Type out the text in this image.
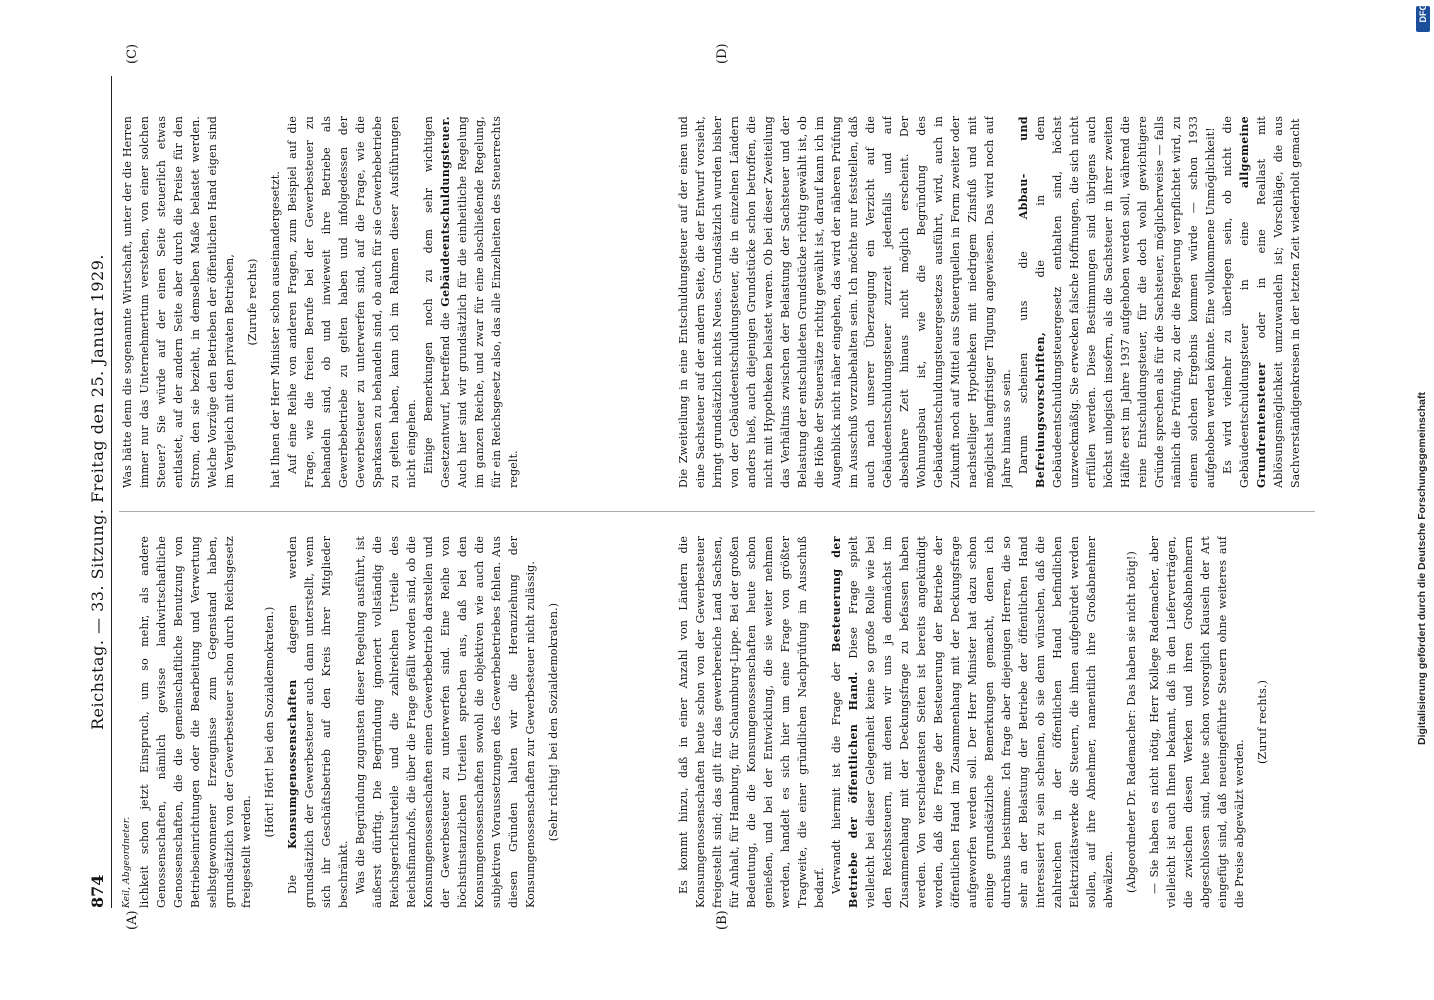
874
Reichstag. — 33. Sitzung. Freitag den 25. Januar 1929.
(A)	(B)
(C)	(D)

Keil, Abgeordneter. lichkeit schon jetzt Einspruch, um so mehr, als andere Genossenschaften, nämlich gewisse landwirtschaftliche Genossenschaften, die die gemeinschaftliche Benutzung von Betriebseinrichtungen oder die Bearbeitung und Verwertung selbstgewonnener Erzeugnisse zum Gegenstand haben, grundsätzlich von der Gewerbesteuer schon durch Reichsgesetz freigestellt werden.

(Hört! Hört! bei den Sozialdemokraten.)

Die Konsumgenossenschaften dagegen werden grundsätzlich der Gewerbesteuer auch dann unterstellt, wenn sich ihr Geschäftsbetrieb auf den Kreis ihrer Mitglieder beschränkt. Was die Begründung zugunsten dieser Regelung ausführt, ist äußerst dürftig. Die Begründung ignoriert vollständig die Reichsgerichtsurteile und die zahlreichen Urteile des Reichsfinanzhofs, die über die Frage gefällt worden sind, ob die Konsumgenossenschaften einen Gewerbebetrieb darstellen und der Gewerbesteuer zu unterwerfen sind. Eine Reihe von höchstinstanzlichen Urteilen sprechen aus, daß bei den Konsumgenossenschaften sowohl die objektiven wie auch die subjektiven Voraussetzungen des Gewerbebetriebes fehlen. Aus diesen Gründen halten wir die Heranziehung der Konsumgenossenschaften zur Gewerbesteuer nicht zulässig. (Sehr richtig! bei den Sozialdemokraten.)	Es kommt hinzu, daß in einer Anzahl von Ländern die Konsumgenossenschaften heute schon von der Gewerbesteuer freigestellt sind; das gilt für das gewerbereiche Land Sachsen, für Anhalt, für Hamburg, für Schaumburg-Lippe. Bei der großen Bedeutung, die die Konsumgenossenschaften heute schon genießen, und bei der Entwicklung, die sie weiter nehmen werden, handelt es sich hier um eine Frage von größter Tragweite, die einer gründlichen Nachprüfung im Ausschuß bedarf. Verwandt hiermit ist die Frage der Besteuerung der Betriebe der öffentlichen Hand. Diese Frage spielt vielleicht bei dieser Gelegenheit keine so große Rolle wie bei den Reichssteuern, mit denen wir uns ja demnächst im Zusammenhang mit der Deckungsfrage zu befassen haben werden. Von verschiedensten Seiten ist bereits angekündigt worden, daß die Frage der Besteuerung der Betriebe der öffentlichen Hand im Zusammenhang mit der Deckungsfrage aufgeworfen werden soll. Der Herr Minister hat dazu schon einige grundsätzliche Bemerkungen gemacht, denen ich durchaus beistimme. Ich frage aber diejenigen Herren, die so sehr an der Belastung der Betriebe der öffentlichen Hand interessiert zu sein scheinen, ob sie denn wünschen, daß die zahlreichen in der öffentlichen Hand befindlichen Elektrizitätswerke die Steuern, die ihnen aufgebürdet werden sollen, auf ihre Abnehmer, namentlich ihre Großabnehmer abwälzen. (Abgeordneter Dr. Rademacher: Das haben sie nicht nötig!) — Sie haben es nicht nötig, Herr Kollege Rademacher, aber vielleicht ist auch Ihnen bekannt, daß in den Lieferverträgen, die zwischen diesen Werken und ihren Großabnehmern abgeschlossen sind, heute schon vorsorglich Klauseln der Art eingefügt sind, daß neueingeführte Steuern ohne weiteres auf die Preise abgewälzt werden.

(Zuruf rechts.)

Was hätte denn die sogenannte Wirtschaft, unter der die Herren immer nur das Unternehmertum verstehen, von einer solchen Steuer? Sie würde auf der einen Seite steuerlich etwas entlastet, auf der andern Seite aber durch die Preise für den Strom, den sie bezieht, in demselben Maße belastet werden. Welche Vorzüge den Betrieben der öffentlichen Hand eigen sind im Vergleich mit den privaten Betrieben, (Zurufe rechts) hat Ihnen der Herr Minister schon auseinandergesetzt. Auf eine Reihe von anderen Fragen, zum Beispiel auf die Frage, wie die freien Berufe bei der Gewerbesteuer zu behandeln sind, ob und inwieweit ihre Betriebe als Gewerbebetriebe zu gelten haben und infolgedessen der Gewerbesteuer zu unterwerfen sind, auf die Frage, wie die Sparkassen zu behandeln sind, ob auch für sie Gewerbebetriebe zu gelten haben, kann ich im Rahmen dieser Ausführungen nicht eingehen. Einige Bemerkungen noch zu dem sehr wichtigen Gesetzentwurf, betreffend die Gebäudeentschuldungsteuer. Auch hier sind wir grundsätzlich für die einheitliche Regelung im ganzen Reiche, und zwar für eine abschließende Regelung, für ein Reichsgesetz also, das alle Einzelheiten des Steuerrechts regelt.	Die Zweiteilung in eine Entschuldungsteuer auf der einen und eine Sachsteuer auf der andern Seite, die der Entwurf vorsieht, bringt grundsätzlich nichts Neues. Grundsätzlich wurden bisher von der Gebäudeentschuldungsteuer, die in einzelnen Ländern anders hieß, auch diejenigen Grundstücke schon betroffen, die nicht mit Hypotheken belastet waren. Ob bei dieser Zweiteilung das Verhältnis zwischen der Belastung der Sachsteuer und der Belastung der entschuldeten Grundstücke richtig gewählt ist, ob die Höhe der Steuersätze richtig gewählt ist, darauf kann ich im Augenblick nicht näher eingehen, das wird der näheren Prüfung im Ausschuß vorzubehalten sein. Ich möchte nur feststellen, daß auch nach unserer Überzeugung ein Verzicht auf die Gebäudeentschuldungsteuer zurzeit jedenfalls und auf absehbare Zeit hinaus nicht möglich erscheint. Der Wohnungsbau ist, wie die Begründung des Gebäudeentschuldungsteuergesetzes ausführt, wird, auch in Zukunft noch auf Mittel aus Steuerquellen in Form zweiter oder nachstelliger Hypotheken mit niedrigem Zinsfuß und mit möglichst langfristiger Tilgung angewiesen. Das wird noch auf Jahre hinaus so sein. Darum scheinen uns die Abbau- und Befreiungsvorschriften, die in dem Gebäudeentschuldungsteuergesetz enthalten sind, höchst unzweckmäßig. Sie erwecken falsche Hoffnungen, die sich nicht erfüllen werden. Diese Bestimmungen sind übrigens auch höchst unlogisch insofern, als die Sachsteuer in ihrer zweiten Hälfte erst im Jahre 1937 aufgehoben werden soll, während die reine Entschuldungsteuer, für die doch wohl gewichtigere Gründe sprechen als für die Sachsteuer, möglicherweise — falls nämlich die Prüfung, zu der die Regierung verpflichtet wird, zu einem solchen Ergebnis kommen würde — schon 1933 aufgehoben werden könnte. Eine vollkommene Unmöglichkeit! Es wird vielmehr zu überlegen sein, ob nicht die Gebäudeentschuldungsteuer in eine allgemeine Grundrentensteuer oder in eine Reallast mit Ablösungsmöglichkeit umzuwandeln ist; Vorschläge, die aus Sachverständigenkreisen in der letzten Zeit wiederholt gemacht

DFG
Digitalisierung gefördert durch die Deutsche Forschungsgemeinschaft
